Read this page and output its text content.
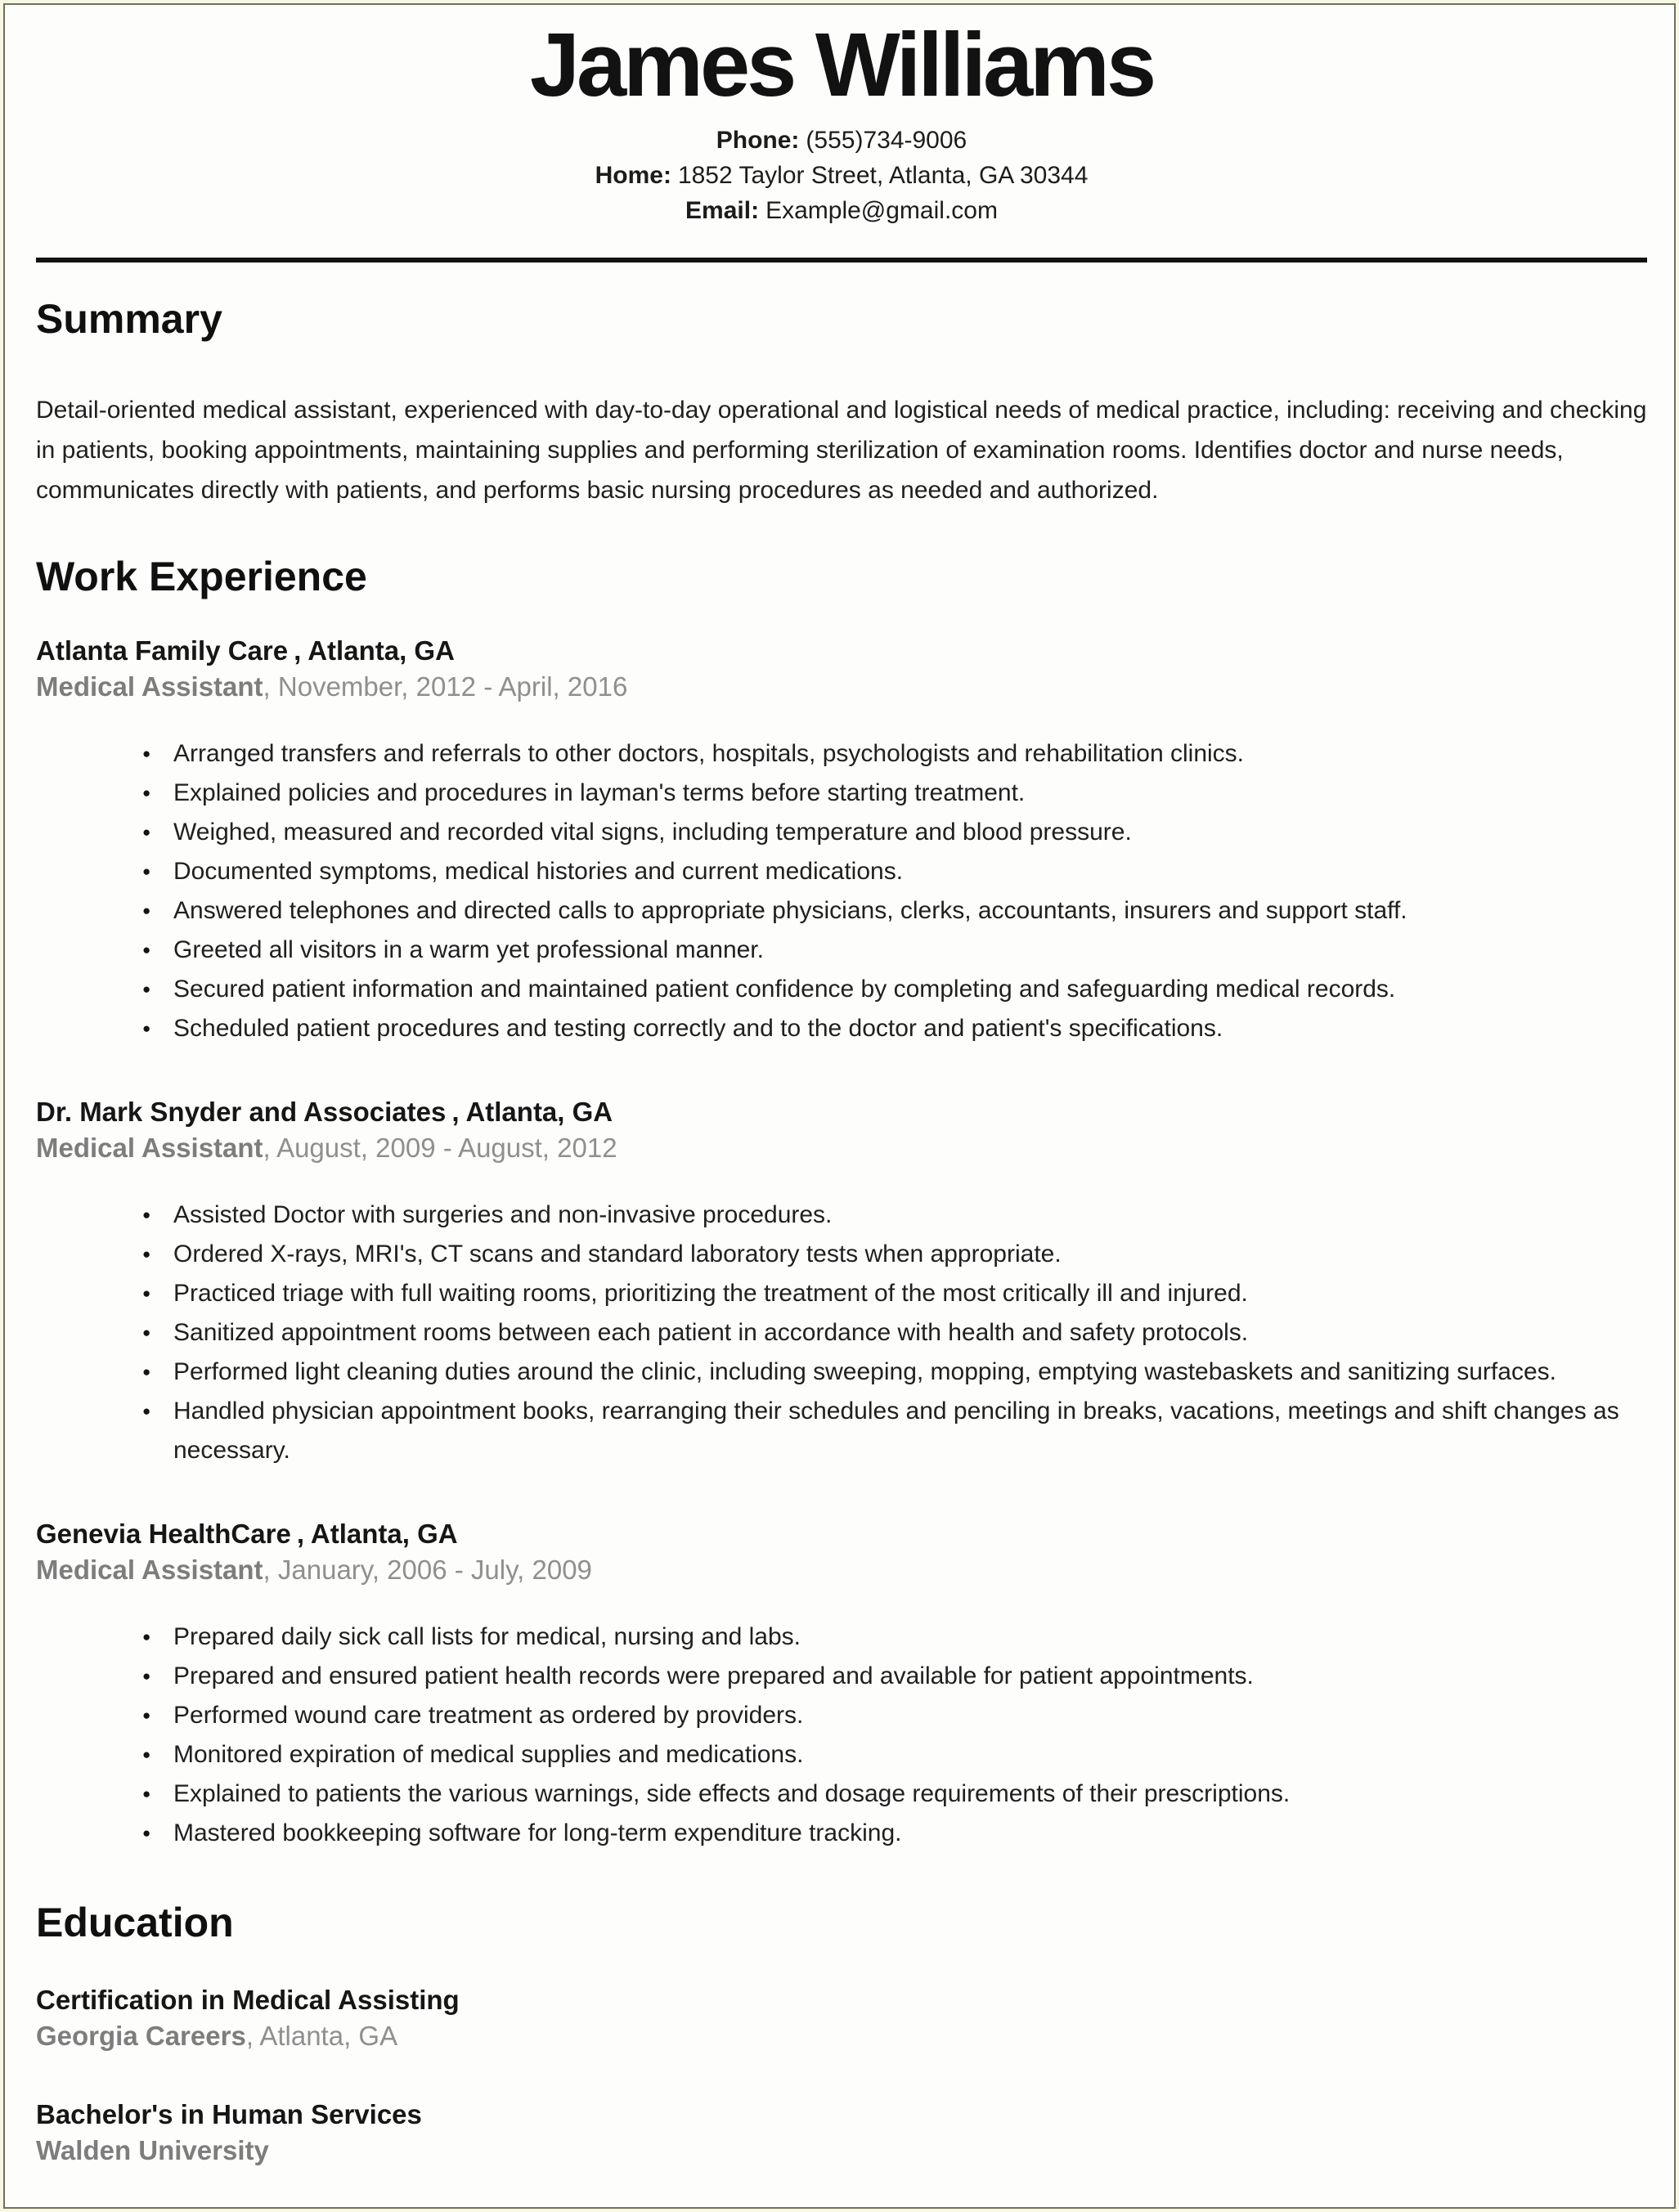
James Williams
Phone: (555)734-9006
Home: 1852 Taylor Street, Atlanta, GA 30344
Email: Example@gmail.com
Summary

Detail-oriented medical assistant, experienced with day-to-day operational and logistical needs of medical practice, including: receiving and checking in patients, booking appointments, maintaining supplies and performing sterilization of examination rooms. Identifies doctor and nurse needs, communicates directly with patients, and performs basic nursing procedures as needed and authorized.

Work Experience
Atlanta Family Care , Atlanta, GA
Medical Assistant, November, 2012 - April, 2016
● Arranged transfers and referrals to other doctors, hospitals, psychologists and rehabilitation clinics.
● Explained policies and procedures in layman's terms before starting treatment.
● Weighed, measured and recorded vital signs, including temperature and blood pressure.
● Documented symptoms, medical histories and current medications.
● Answered telephones and directed calls to appropriate physicians, clerks, accountants, insurers and support staff.
● Greeted all visitors in a warm yet professional manner.
● Secured patient information and maintained patient confidence by completing and safeguarding medical records.
● Scheduled patient procedures and testing correctly and to the doctor and patient's specifications.
Dr. Mark Snyder and Associates , Atlanta, GA
Medical Assistant, August, 2009 - August, 2012
● Assisted Doctor with surgeries and non-invasive procedures.
● Ordered X-rays, MRI's, CT scans and standard laboratory tests when appropriate.
● Practiced triage with full waiting rooms, prioritizing the treatment of the most critically ill and injured.
● Sanitized appointment rooms between each patient in accordance with health and safety protocols.
● Performed light cleaning duties around the clinic, including sweeping, mopping, emptying wastebaskets and sanitizing surfaces.
● Handled physician appointment books, rearranging their schedules and penciling in breaks, vacations, meetings and shift changes as necessary.
Genevia HealthCare , Atlanta, GA
Medical Assistant, January, 2006 - July, 2009
● Prepared daily sick call lists for medical, nursing and labs.
● Prepared and ensured patient health records were prepared and available for patient appointments.
● Performed wound care treatment as ordered by providers.
● Monitored expiration of medical supplies and medications.
● Explained to patients the various warnings, side effects and dosage requirements of their prescriptions.
● Mastered bookkeeping software for long-term expenditure tracking.
Education
Certification in Medical Assisting
Georgia Careers, Atlanta, GA
Bachelor's in Human Services
Walden University
